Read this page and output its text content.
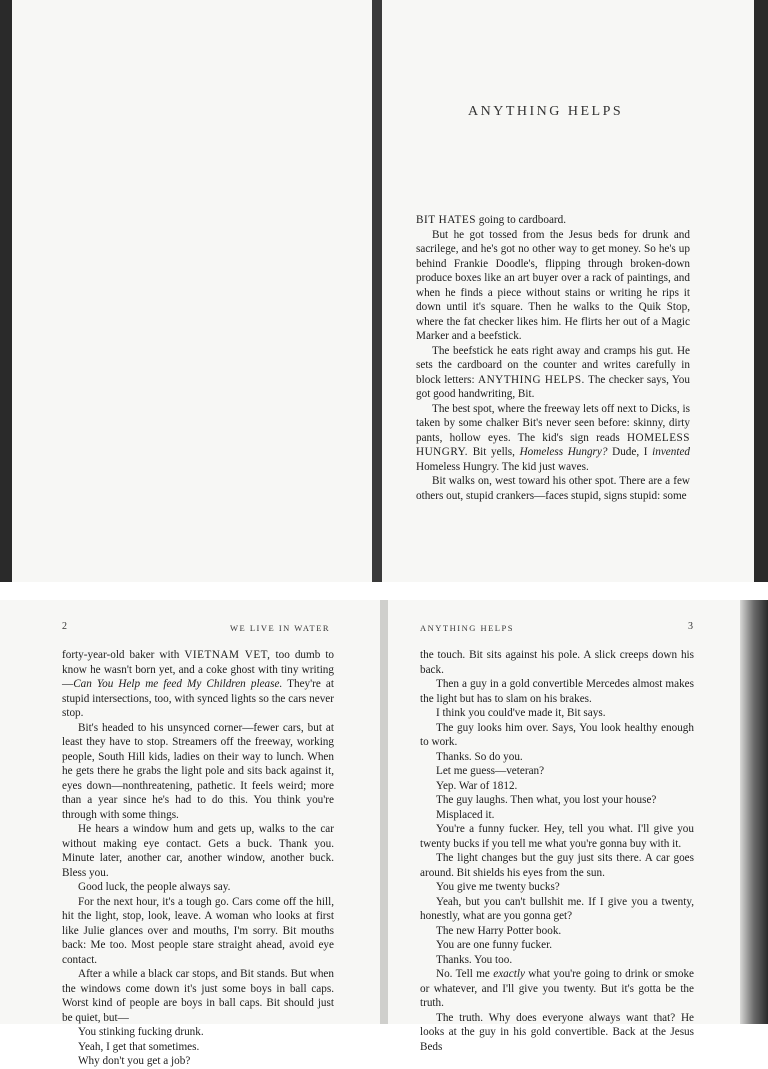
ANYTHING HELPS

BIT HATES going to cardboard.

But he got tossed from the Jesus beds for drunk and sacrilege, and he's got no other way to get money. So he's up behind Frankie Doodle's, flipping through broken-down produce boxes like an art buyer over a rack of paintings, and when he finds a piece without stains or writing he rips it down until it's square. Then he walks to the Quik Stop, where the fat checker likes him. He flirts her out of a Magic Marker and a beefstick.

The beefstick he eats right away and cramps his gut. He sets the cardboard on the counter and writes carefully in block letters: ANYTHING HELPS. The checker says, You got good handwriting, Bit.

The best spot, where the freeway lets off next to Dicks, is taken by some chalker Bit's never seen before: skinny, dirty pants, hollow eyes. The kid's sign reads HOMELESS HUNGRY. Bit yells, Homeless Hungry? Dude, I invented Homeless Hungry. The kid just waves.

Bit walks on, west toward his other spot. There are a few others out, stupid crankers—faces stupid, signs stupid: some

2	WE LIVE IN WATER	ANYTHING HELPS	3

forty-year-old baker with VIETNAM VET, too dumb to know he wasn't born yet, and a coke ghost with tiny writing—Can You Help me feed My Children please. They're at stupid intersections, too, with synced lights so the cars never stop.

Bit's headed to his unsynced corner—fewer cars, but at least they have to stop. Streamers off the freeway, working people, South Hill kids, ladies on their way to lunch. When he gets there he grabs the light pole and sits back against it, eyes down—nonthreatening, pathetic. It feels weird; more than a year since he's had to do this. You think you're through with some things.

He hears a window hum and gets up, walks to the car without making eye contact. Gets a buck. Thank you. Minute later, another car, another window, another buck. Bless you.

Good luck, the people always say.

For the next hour, it's a tough go. Cars come off the hill, hit the light, stop, look, leave. A woman who looks at first like Julie glances over and mouths, I'm sorry. Bit mouths back: Me too. Most people stare straight ahead, avoid eye contact.

After a while a black car stops, and Bit stands. But when the windows come down it's just some boys in ball caps. Worst kind of people are boys in ball caps. Bit should just be quiet, but—

You stinking fucking drunk.

Yeah, I get that sometimes.

Why don't you get a job?

the touch. Bit sits against his pole. A slick creeps down his back.

Then a guy in a gold convertible Mercedes almost makes the light but has to slam on his brakes.

I think you could've made it, Bit says.

The guy looks him over. Says, You look healthy enough to work.

Thanks. So do you.

Let me guess—veteran?

Yep. War of 1812.

The guy laughs. Then what, you lost your house?

Misplaced it.

You're a funny fucker. Hey, tell you what. I'll give you twenty bucks if you tell me what you're gonna buy with it.

The light changes but the guy just sits there. A car goes around. Bit shields his eyes from the sun.

You give me twenty bucks?

Yeah, but you can't bullshit me. If I give you a twenty, honestly, what are you gonna get?

The new Harry Potter book.

You are one funny fucker.

Thanks. You too.

No. Tell me exactly what you're going to drink or smoke or whatever, and I'll give you twenty. But it's gotta be the truth.

The truth. Why does everyone always want that? He looks at the guy in his gold convertible. Back at the Jesus Beds
